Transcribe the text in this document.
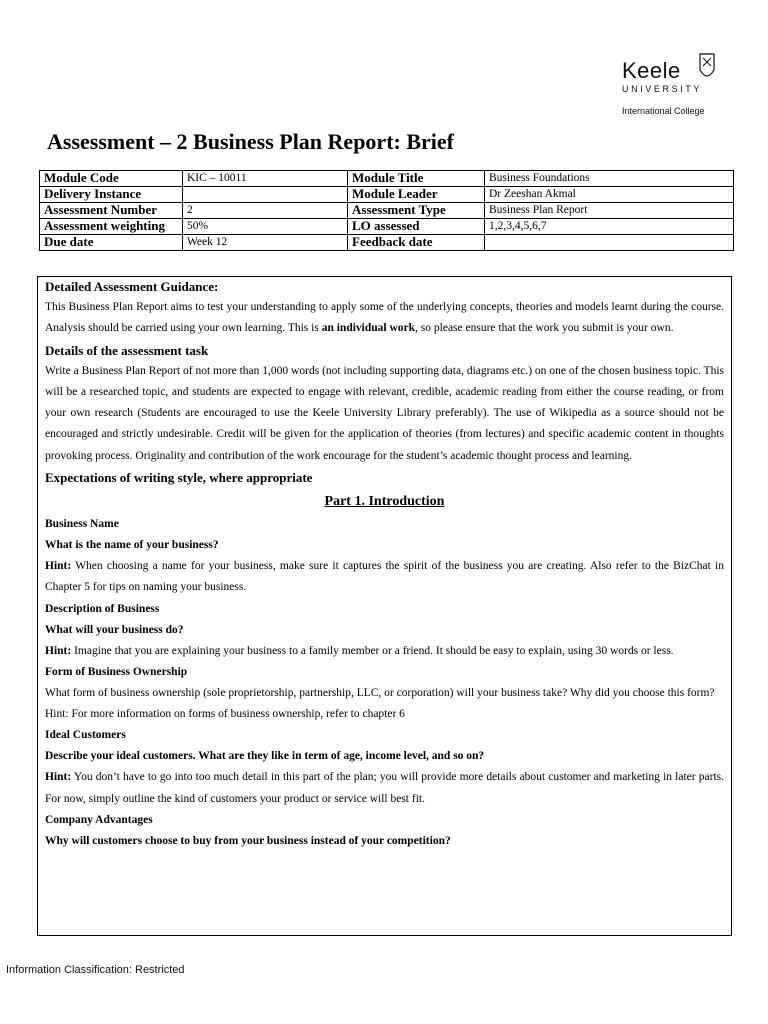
Keele
UNIVERSITY
International College
Assessment – 2 Business Plan Report: Brief
Module Code	KIC – 10011	Module Title	Business Foundations
Delivery Instance		Module Leader	Dr Zeeshan Akmal
Assessment Number	2	Assessment Type	Business Plan Report
Assessment weighting	50%	LO assessed	1,2,3,4,5,6,7
Due date	Week 12	Feedback date	
Detailed Assessment Guidance:
This Business Plan Report aims to test your understanding to apply some of the underlying concepts, theories and models learnt during the course. Analysis should be carried using your own learning. This is an individual work, so please ensure that the work you submit is your own.
Details of the assessment task
Write a Business Plan Report of not more than 1,000 words (not including supporting data, diagrams etc.) on one of the chosen business topic. This will be a researched topic, and students are expected to engage with relevant, credible, academic reading from either the course reading, or from your own research (Students are encouraged to use the Keele University Library preferably). The use of Wikipedia as a source should not be encouraged and strictly undesirable. Credit will be given for the application of theories (from lectures) and specific academic content in thoughts provoking process. Originality and contribution of the work encourage for the student’s academic thought process and learning.
Expectations of writing style, where appropriate
Part 1. Introduction
Business Name
What is the name of your business?
Hint: When choosing a name for your business, make sure it captures the spirit of the business you are creating. Also refer to the BizChat in Chapter 5 for tips on naming your business.
Description of Business
What will your business do?
Hint: Imagine that you are explaining your business to a family member or a friend. It should be easy to explain, using 30 words or less.
Form of Business Ownership
What form of business ownership (sole proprietorship, partnership, LLC, or corporation) will your business take? Why did you choose this form?
Hint: For more information on forms of business ownership, refer to chapter 6
Ideal Customers
Describe your ideal customers. What are they like in term of age, income level, and so on?
Hint: You don’t have to go into too much detail in this part of the plan; you will provide more details about customer and marketing in later parts. For now, simply outline the kind of customers your product or service will best fit.
Company Advantages
Why will customers choose to buy from your business instead of your competition?
Information Classification: Restricted
